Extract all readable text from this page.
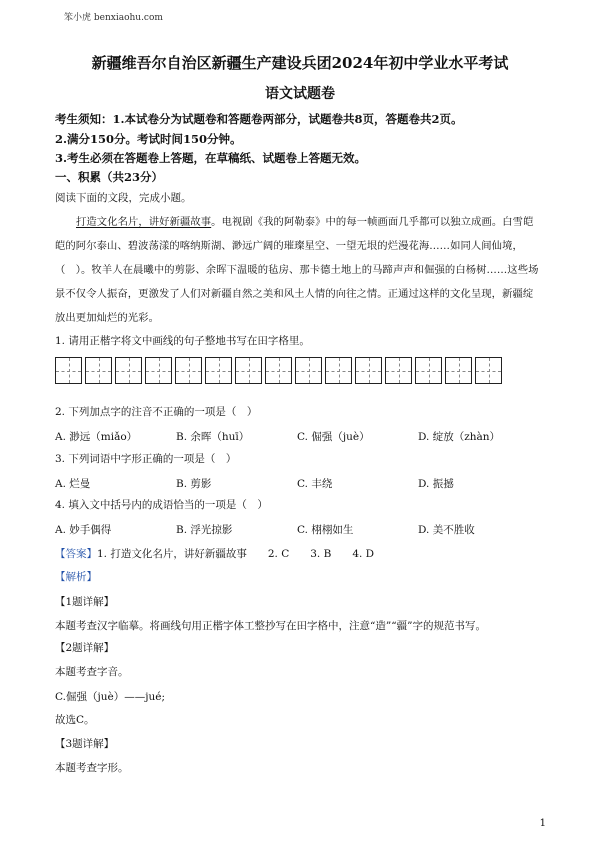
笨小虎 benxiaohu.com
新疆维吾尔自治区新疆生产建设兵团2024年初中学业水平考试
语文试题卷
考生须知：1.本试卷分为试题卷和答题卷两部分，试题卷共8页，答题卷共2页。
2.满分150分。考试时间150分钟。
3.考生必须在答题卷上答题，在草稿纸、试题卷上答题无效。
一、积累（共23分）
阅读下面的文段，完成小题。
打造文化名片，讲好新疆故事。电视剧《我的阿勒泰》中的每一帧画面几乎都可以独立成画。白雪皑
皑的阿尔泰山、碧波荡漾的喀纳斯湖、渺远广阔的璀璨星空、一望无垠的烂漫花海……如同人间仙境，
（　）。牧羊人在晨曦中的剪影、余晖下温暖的毡房、那卡德土地上的马蹄声声和倔强的白杨树……这些场
景不仅令人振奋，更激发了人们对新疆自然之美和风土人情的向往之情。正通过这样的文化呈现，新疆绽
放出更加灿烂的光彩。
1. 请用正楷字将文中画线的句子整地书写在田字格里。
2. 下列加点字的注音不正确的一项是（　）
A. 渺远（miǎo）	B. 余晖（huī）	C. 倔强（juè）	D. 绽放（zhàn）
3. 下列词语中字形正确的一项是（　）
A. 烂曼	B. 剪影	C. 丰绕	D. 振撼
4. 填入文中括号内的成语恰当的一项是（　）
A. 妙手偶得	B. 浮光掠影	C. 栩栩如生	D. 美不胜收
【答案】1. 打造文化名片，讲好新疆故事　　2. C　　3. B　　4. D
【解析】
【1题详解】
本题考查汉字临摹。将画线句用正楷字体工整抄写在田字格中，注意“造”“疆”字的规范书写。
【2题详解】
本题考查字音。
C.倔强（juè）——jué;
故选C。
【3题详解】
本题考查字形。
1
